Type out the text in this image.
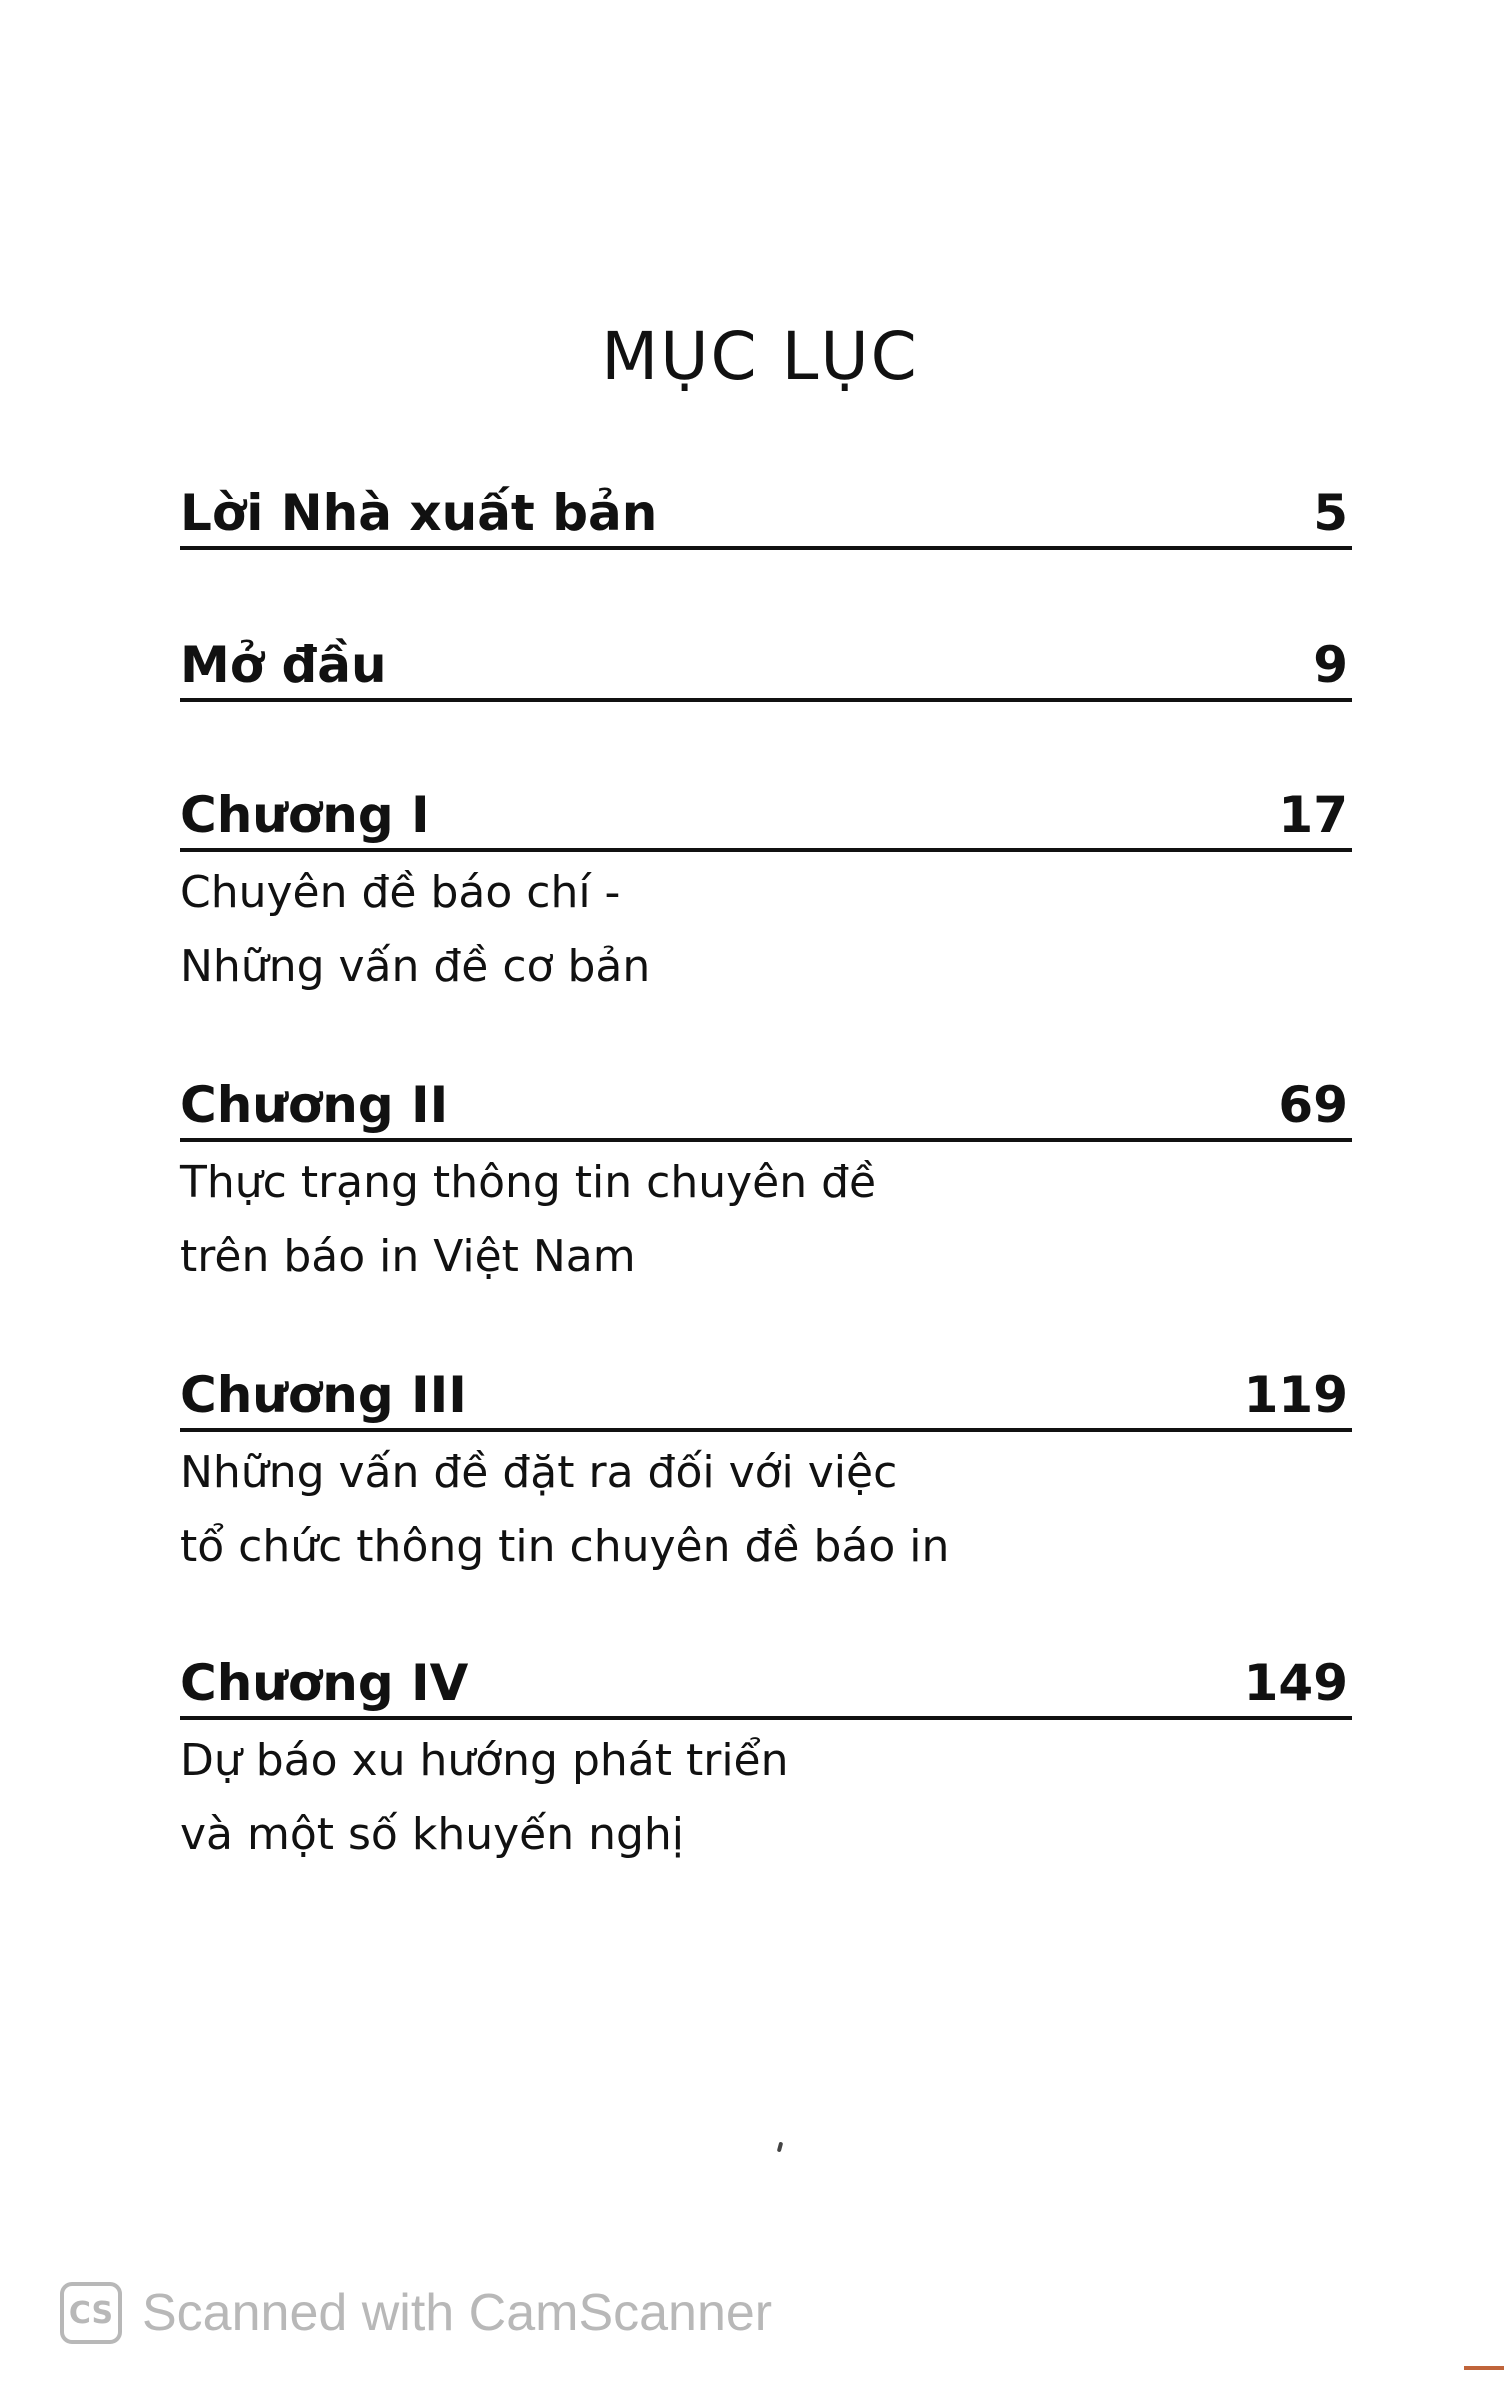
MỤC LỤC
Lời Nhà xuất bản	5
Mở đầu	9
Chương I	17
Chuyên đề báo chí -
Những vấn đề cơ bản
Chương II	69
Thực trạng thông tin chuyên đề
trên báo in Việt Nam
Chương III	119
Những vấn đề đặt ra đối với việc
tổ chức thông tin chuyên đề báo in
Chương IV	149
Dự báo xu hướng phát triển
và một số khuyến nghị
CS Scanned with CamScanner
